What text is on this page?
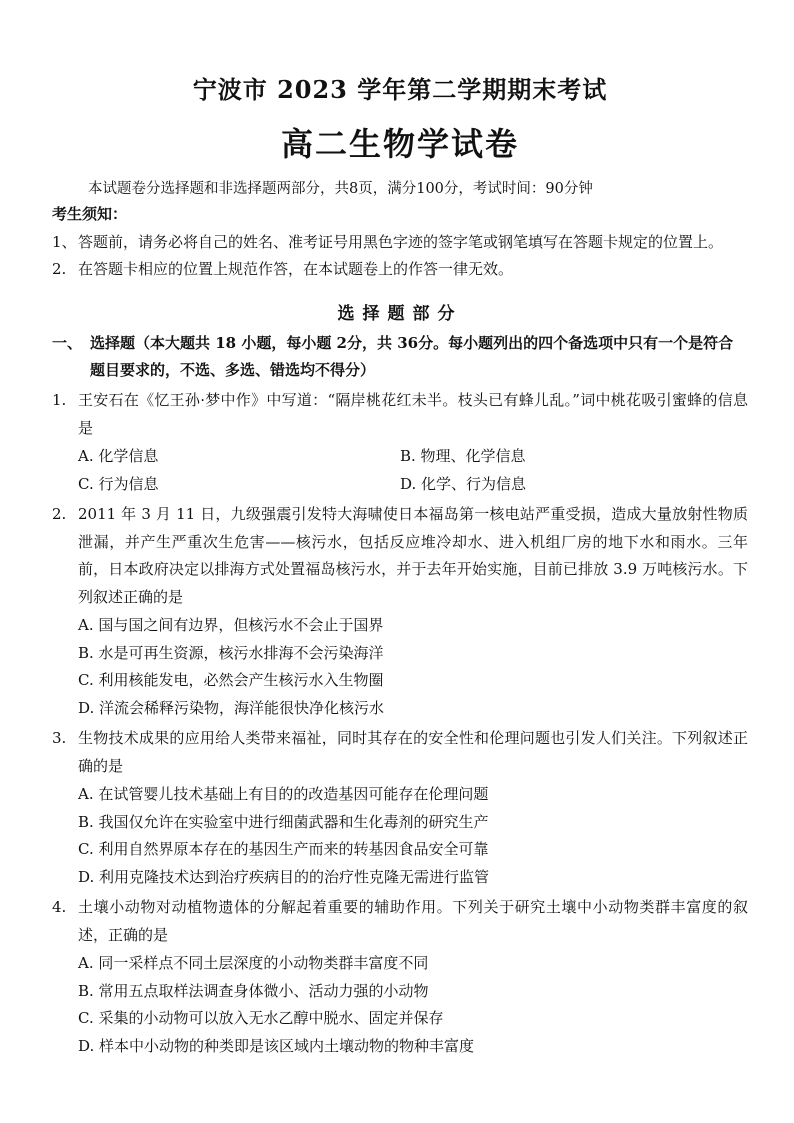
宁波市 2023 学年第二学期期末考试
高二生物学试卷
本试题卷分选择题和非选择题两部分，共8页，满分100分，考试时间：90分钟
考生须知：
1、 答题前，请务必将自己的姓名、准考证号用黑色字迹的签字笔或钢笔填写在答题卡规定的位置上。
2. 在答题卡相应的位置上规范作答，在本试题卷上的作答一律无效。
选择题部分
一、 选择题（本大题共 18 小题，每小题 2分，共 36分。每小题列出的四个备选项中只有一个是符合题目要求的，不选、多选、错选均不得分）
1. 王安石在《忆王孙·梦中作》中写道：“隔岸桃花红未半。枝头已有蜂儿乱。”词中桃花吸引蜜蜂的信息是
A. 化学信息	B. 物理、化学信息
C. 行为信息	D. 化学、行为信息
2. 2011 年 3 月 11 日，九级强震引发特大海啸使日本福岛第一核电站严重受损，造成大量放射性物质泄漏，并产生严重次生危害——核污水，包括反应堆冷却水、进入机组厂房的地下水和雨水。三年前，日本政府决定以排海方式处置福岛核污水，并于去年开始实施，目前已排放 3.9 万吨核污水。下列叙述正确的是
A. 国与国之间有边界，但核污水不会止于国界
B. 水是可再生资源，核污水排海不会污染海洋
C. 利用核能发电，必然会产生核污水入生物圈
D. 洋流会稀释污染物，海洋能很快净化核污水
3. 生物技术成果的应用给人类带来福祉，同时其存在的安全性和伦理问题也引发人们关注。下列叙述正确的是
A. 在试管婴儿技术基础上有目的的改造基因可能存在伦理问题
B. 我国仅允许在实验室中进行细菌武器和生化毒剂的研究生产
C. 利用自然界原本存在的基因生产而来的转基因食品安全可靠
D. 利用克隆技术达到治疗疾病目的的治疗性克隆无需进行监管
4. 土壤小动物对动植物遗体的分解起着重要的辅助作用。下列关于研究土壤中小动物类群丰富度的叙述，正确的是
A. 同一采样点不同土层深度的小动物类群丰富度不同
B. 常用五点取样法调查身体微小、活动力强的小动物
C. 采集的小动物可以放入无水乙醇中脱水、固定并保存
D. 样本中小动物的种类即是该区域内土壤动物的物种丰富度
